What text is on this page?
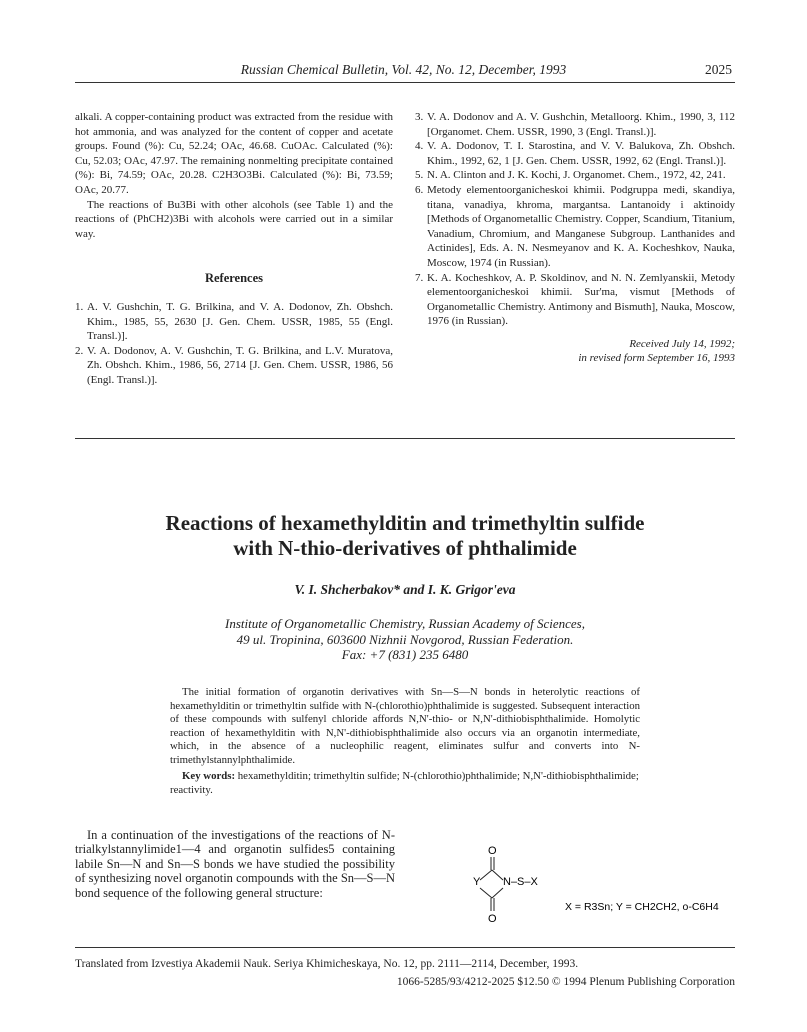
Russian Chemical Bulletin, Vol. 42, No. 12, December, 1993	2025

alkali. A copper-containing product was extracted from the residue with hot ammonia, and was analyzed for the content of copper and acetate groups. Found (%): Cu, 52.24; OAc, 46.68. CuOAc. Calculated (%): Cu, 52.03; OAc, 47.97. The remaining nonmelting precipitate contained (%): Bi, 74.59; OAc, 20.28. C2H3O3Bi. Calculated (%): Bi, 73.59; OAc, 20.77.

The reactions of Bu3Bi with other alcohols (see Table 1) and the reactions of (PhCH2)3Bi with alcohols were carried out in a similar way.

References
1. A. V. Gushchin, T. G. Brilkina, and V. A. Dodonov, Zh. Obshch. Khim., 1985, 55, 2630 [J. Gen. Chem. USSR, 1985, 55 (Engl. Transl.)].
2. V. A. Dodonov, A. V. Gushchin, T. G. Brilkina, and L.V. Muratova, Zh. Obshch. Khim., 1986, 56, 2714 [J. Gen. Chem. USSR, 1986, 56 (Engl. Transl.)].
3. V. A. Dodonov and A. V. Gushchin, Metalloorg. Khim., 1990, 3, 112 [Organomet. Chem. USSR, 1990, 3 (Engl. Transl.)].
4. V. A. Dodonov, T. I. Starostina, and V. V. Balukova, Zh. Obshch. Khim., 1992, 62, 1 [J. Gen. Chem. USSR, 1992, 62 (Engl. Transl.)].
5. N. A. Clinton and J. K. Kochi, J. Organomet. Chem., 1972, 42, 241.
6. Metody elementoorganicheskoi khimii. Podgruppa medi, skandiya, titana, vanadiya, khroma, margantsa. Lantanoidy i aktinoidy [Methods of Organometallic Chemistry. Copper, Scandium, Titanium, Vanadium, Chromium, and Manganese Subgroup. Lanthanides and Actinides], Eds. A. N. Nesmeyanov and K. A. Kocheshkov, Nauka, Moscow, 1974 (in Russian).
7. K. A. Kocheshkov, A. P. Skoldinov, and N. N. Zemlyanskii, Metody elementoorganicheskoi khimii. Sur'ma, vismut [Methods of Organometallic Chemistry. Antimony and Bismuth], Nauka, Moscow, 1976 (in Russian).
Received July 14, 1992;
in revised form September 16, 1993
Reactions of hexamethylditin and trimethyltin sulfide
with N-thio-derivatives of phthalimide
V. I. Shcherbakov* and I. K. Grigor'eva
Institute of Organometallic Chemistry, Russian Academy of Sciences,
49 ul. Tropinina, 603600 Nizhnii Novgorod, Russian Federation.
Fax: +7 (831) 235 6480

The initial formation of organotin derivatives with Sn—S—N bonds in heterolytic reactions of hexamethylditin or trimethyltin sulfide with N-(chlorothio)phthalimide is suggested. Subsequent interaction of these compounds with sulfenyl chloride affords N,N'-thio- or N,N'-dithiobisphthalimide. Homolytic reaction of hexamethylditin with N,N'-dithiobisphthalimide also occurs via an organotin intermediate, which, in the absence of a nucleophilic reagent, eliminates sulfur and converts into N-trimethylstannylphthalimide.

Key words: hexamethylditin; trimethyltin sulfide; N-(chlorothio)phthalimide; N,N'-dithiobisphthalimide; reactivity.
In a continuation of the investigations of the reactions of N-trialkylstannylimide1—4 and organotin sulfides5 containing labile Sn—N and Sn—S bonds we have studied the possibility of synthesizing novel organotin compounds with the Sn—S—N bond sequence of the following general structure:
O
Y N–S–X
O
X = R3Sn; Y = CH2CH2, o-C6H4
Translated from Izvestiya Akademii Nauk. Seriya Khimicheskaya, No. 12, pp. 2111—2114, December, 1993.
1066-5285/93/4212-2025 $12.50 © 1994 Plenum Publishing Corporation
